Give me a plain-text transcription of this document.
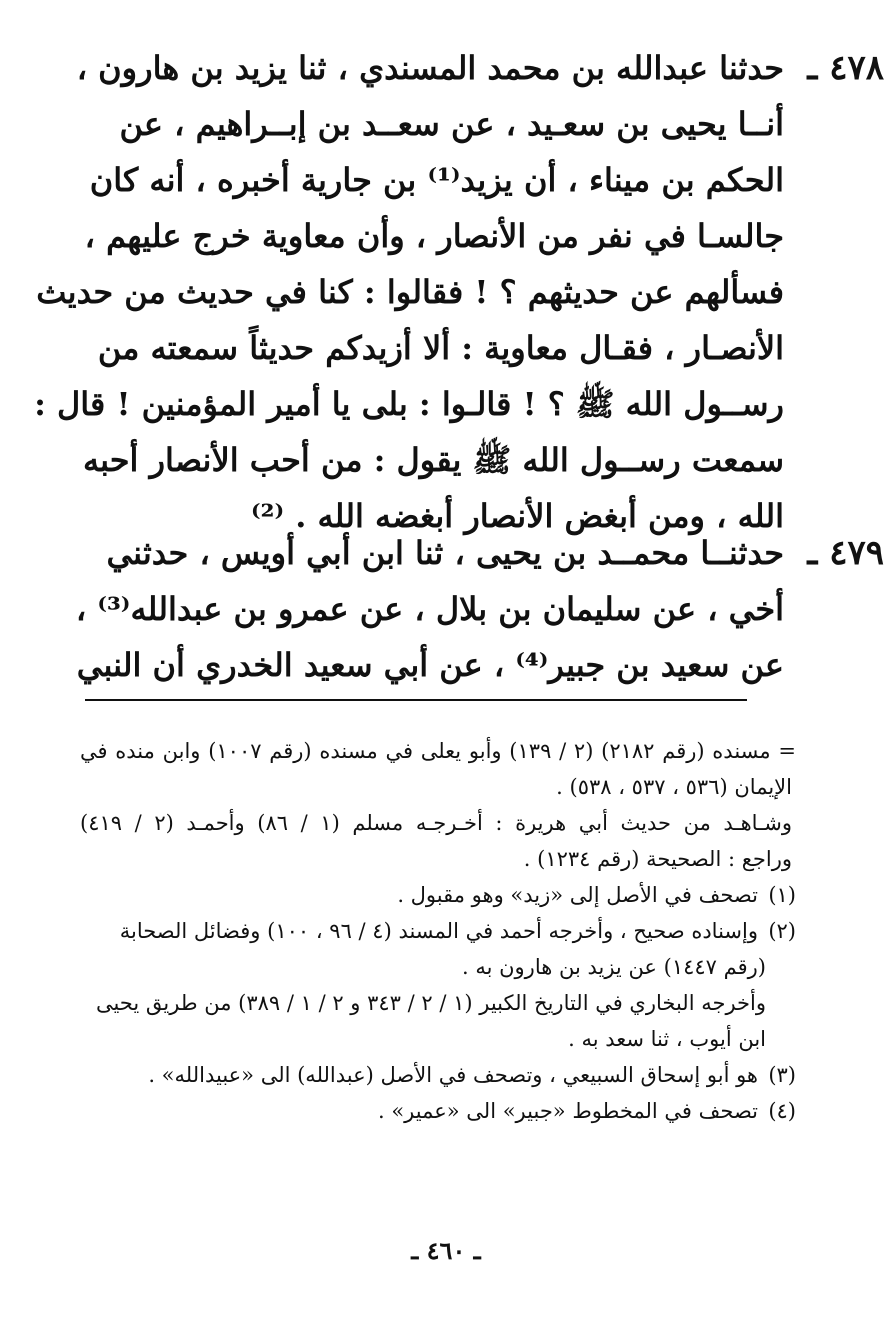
٤٧٨ ـ
حدثنا عبدالله بن محمد المسندي ، ثنا يزيد بن هارون ،
أنــا يحيى بن سعـيد ، عن سعــد بن إبــراهيم ، عن
الحكم بن ميناء ، أن يزيد⁽¹⁾ بن جارية أخبره ، أنه كان
جالسـا في نفر من الأنصار ، وأن معاوية خرج عليهم ،
فسألهم عن حديثهم ؟ ! فقالوا : كنا في حديث من حديث
الأنصـار ، فقـال معاوية : ألا أزيدكم حديثاً سمعته من
رســول الله ﷺ ؟ ! قالـوا : بلى يا أمير المؤمنين ! قال :
سمعت رســول الله ﷺ يقول : من أحب الأنصار أحبه
الله ، ومن أبغض الأنصار أبغضه الله . ⁽²⁾
٤٧٩ ـ
حدثنــا محمــد بن يحيى ، ثنا ابن أبي أويس ، حدثني
أخي ، عن سليمان بن بلال ، عن عمرو بن عبدالله⁽³⁾ ،
عن سعيد بن جبير⁽⁴⁾ ، عن أبي سعيد الخدري أن النبي
= مسنده (رقم ٢١٨٢) (٢ / ١٣٩) وأبو يعلى في مسنده (رقم ١٠٠٧) وابن منده في
الإيمان (٥٣٦ ، ٥٣٧ ، ٥٣٨) .
وشـاهـد من حديث أبي هريرة : أخـرجـه مسلم (١ / ٨٦) وأحمـد (٢ / ٤١٩)
وراجع : الصحيحة (رقم ١٢٣٤) .
(١)تصحف في الأصل إلى «زيد» وهو مقبول .
(٢)وإسناده صحيح ، وأخرجه أحمد في المسند (٤ / ٩٦ ، ١٠٠) وفضائل الصحابة
(رقم ١٤٤٧) عن يزيد بن هارون به .
وأخرجه البخاري في التاريخ الكبير (١ / ٢ / ٣٤٣ و ٢ / ١ / ٣٨٩) من طريق يحيى
ابن أيوب ، ثنا سعد به .
(٣)هو أبو إسحاق السبيعي ، وتصحف في الأصل (عبدالله) الى «عبيدالله» .
(٤)تصحف في المخطوط «جبير» الى «عمير» .
ـ ٤٦٠ ـ
